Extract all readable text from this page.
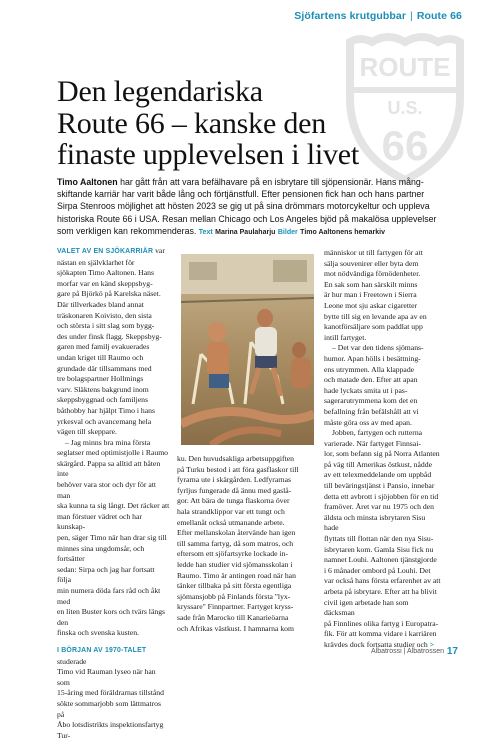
Sjöfartens krutgubbar | Route 66
ROUTE
U.S.
66
Den legendariska
Route 66 – kanske den
finaste upplevelsen i livet
Timo Aaltonen har gått från att vara befälhavare på en isbrytare till sjöpensionär. Hans mång-
skiftande karriär har varit både lång och förtjänstfull. Efter pensionen fick han och hans partner
Sirpa Stenroos möjlighet att hösten 2023 se gig ut på sina drömmars motorcykeltur och uppleva
historiska Route 66 i USA. Resan mellan Chicago och Los Angeles bjöd på makalösa upplevelser
som verkligen kan rekommenderas. Text Marina Paulaharju Bilder Timo Aaltonens hemarkiv

VALET AV EN SJÖKARRIÄR var
nästan en självklarhet för
sjökapten Timo Aaltonen. Hans
morfar var en känd skeppsbyg-
gare på Björkö på Karelska näset.
Där tillverkades bland annat
träskonaren Koivisto, den sista
och största i sitt slag som bygg-
des under finsk flagg. Skeppsbyg-
garen med familj evakuerades
undan kriget till Raumo och
grundade där tillsammans med
tre bolagspartner Hollmings
varv. Släktens bakgrund inom
skeppsbyggnad och familjens
båthobby har hjälpt Timo i hans
yrkesval och avancemang hela
vägen till skeppare.

– Jag minns bra mina första
seglatser med optimistjolle i Raumo
skärgård. Pappa sa alltid att båten inte
behöver vara stor och dyr för att man
ska kunna ta sig långt. Det räcker att
man förstuer vädret och har kunskap-
pen, säger Timo när han drar sig till
minnes sina ungdomsår, och fortsätter
sedan: Sirpa och jag har fortsatt följa
min numera döda fars råd och åkt med
en liten Buster kors och tvärs längs den
finska och svenska kusten.

I BÖRJAN AV 1970-TALET studerade
Timo vid Rauman lyseo när han som
15-åring med föräldrarnas tillstånd
sökte sommarjobb som lättmatros på
Åbo lotsdistrikts inspektionsfartyg Tur-

ku. Den huvudsakliga arbetsuppgiften
på Turku bestod i att föra gasflaskor till
fyrarna ute i skärgården. Ledfyrarnas
fyrljus fungerade då ännu med gaslå-
gor. Att bära de tunga flaskorna över
hala strandklippor var ett tungt och
emellanåt också utmanande arbete.
Efter mellanskolan återvände han igen
till samma fartyg, då som matros, och
eftersom ett sjöfartsyrke lockade in-
ledde han studier vid sjömansskolan i
Raumo. Timo är antingen road när han
tänker tillbaka på sitt första egentliga
sjömansjobb på Finlands första "lyx-
kryssare" Finnpartner. Fartyget kryss-
sade från Marocko till Kanarieöarna
och Afrikas västkust. I hamnarna kom

människor ut till fartygen för att
sälja souvenirer eller byta dem
mot nödvändiga förnödenheter.
En sak som han särskilt minns
är hur man i Freetown i Sierra
Leone mot sju askar cigaretter
bytte till sig en levande apa av en
kanotförsäljare som paddlat upp
intill fartyget.

– Det var den tidens sjömans-
humor. Apan hölls i besättning-
ens utrymmen. Alla klappade
och matade den. Efter att apan
hade lyckats smita ut i pas-
sagerarutrymmena kom det en
befallning från befälshåll att vi
måste göra oss av med apan.

Jobben, fartygen och rutterna
varierade. När fartyget Finnsai-
lor, som befann sig på Norra Atlanten
på väg till Amerikas östkust, nådde
av ett telexmeddelande om uppbåd
till beväringstjänst i Pansio, innebar
detta ett avbrott i sjöjobben för en tid
framöver. Året var nu 1975 och den
äldsta och minsta isbrytaren Sisu hade
flyttats till flottan när den nya Sisu-
isbrytaren kom. Gamla Sisu fick nu
namnet Louhi. Aaltonen tjänstgjorde
i 6 månader ombord på Louhi. Det
var också hans första erfarenhet av att
arbeta på isbrytare. Efter att ha blivit
civil igen arbetade han som däcksman
på Finnlines olika fartyg i Europatra-
fik. För att komma vidare i karriären
krävdes dock fortsatta studier och >

Albatrossi | Albatrossen 17
